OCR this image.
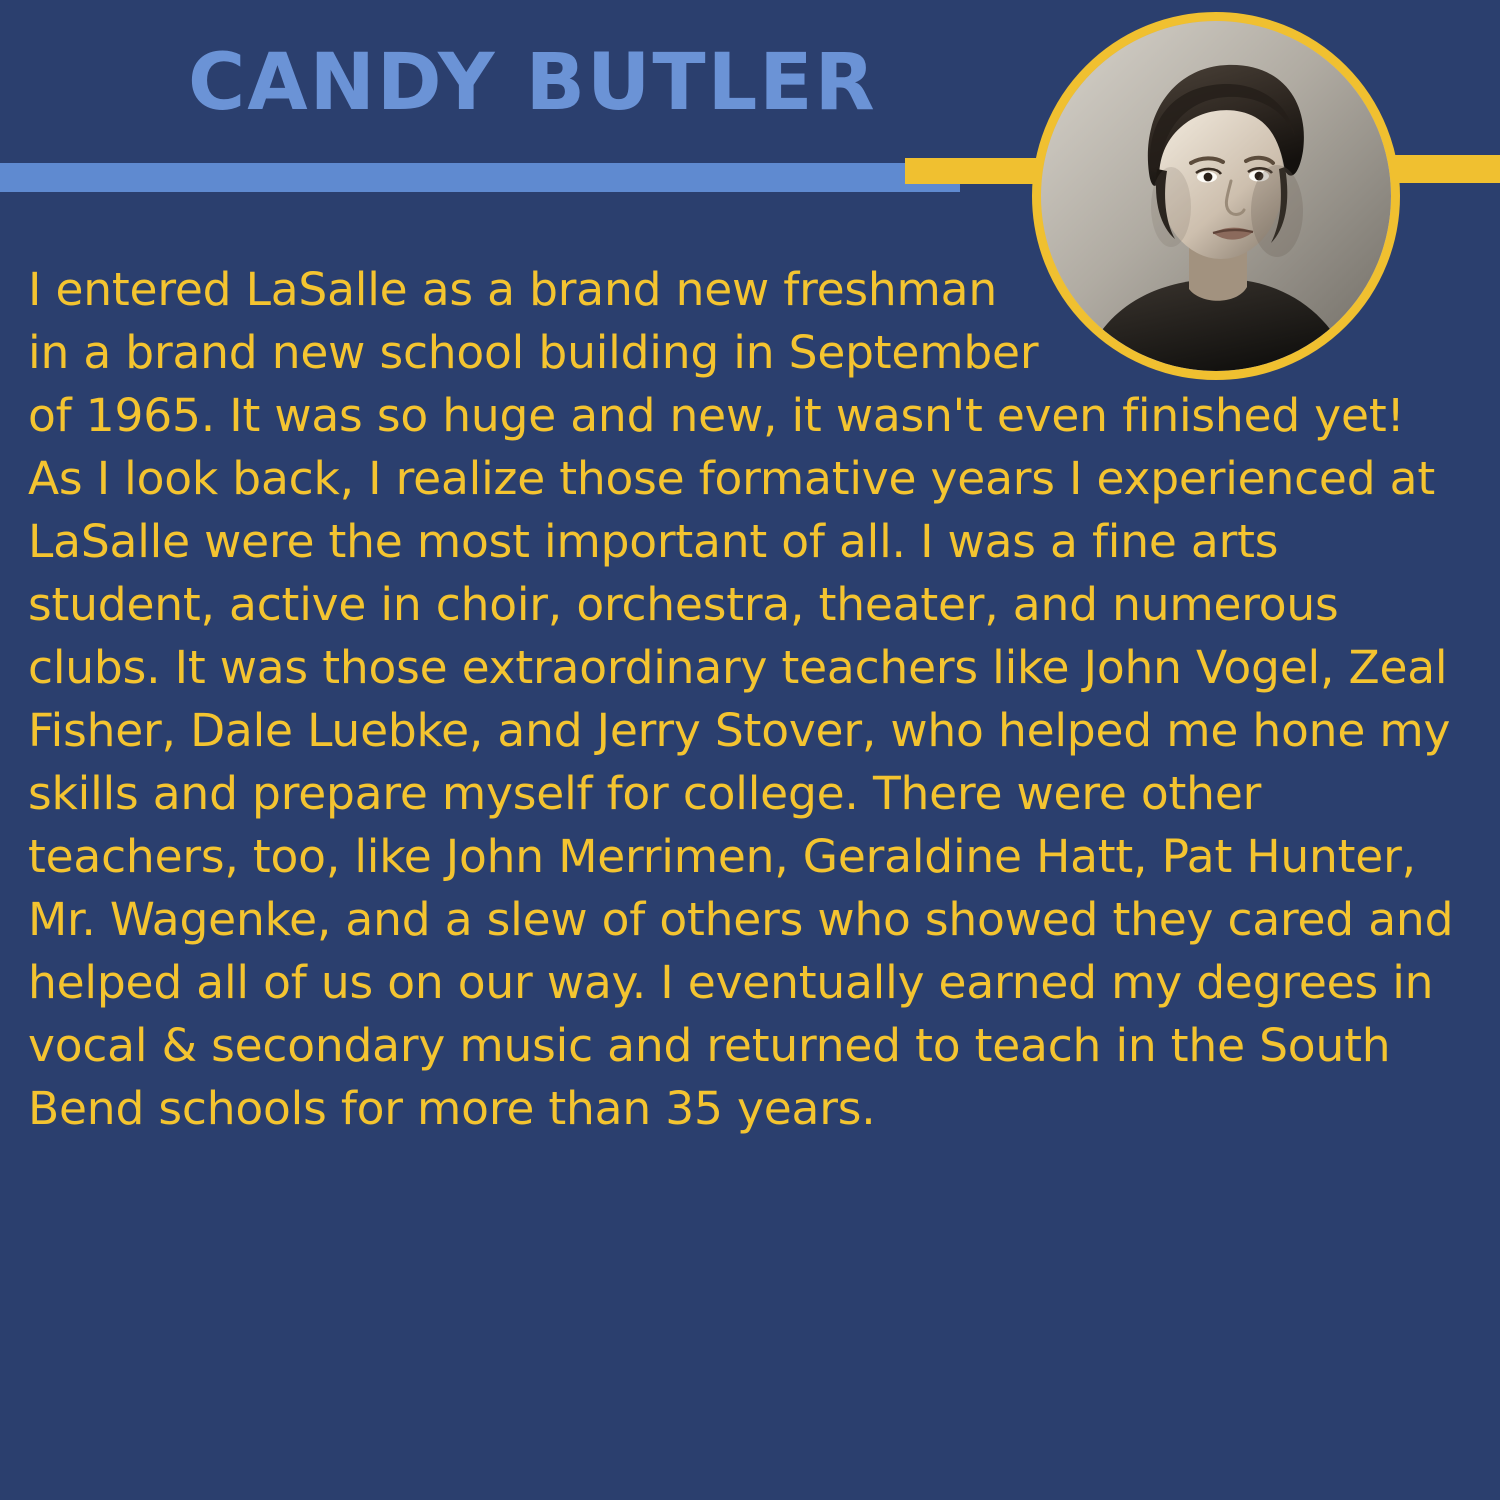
CANDY BUTLER
I entered LaSalle as a brand new freshman in a brand new school building in September of 1965. It was so huge and new, it wasn't even finished yet! As I look back, I realize those formative years I experienced at LaSalle were the most important of all. I was a fine arts student, active in choir, orchestra, theater, and numerous clubs. It was those extraordinary teachers like John Vogel, Zeal Fisher, Dale Luebke, and Jerry Stover, who helped me hone my skills and prepare myself for college. There were other teachers, too, like John Merrimen, Geraldine Hatt, Pat Hunter, Mr. Wagenke, and a slew of others who showed they cared and helped all of us on our way. I eventually earned my degrees in vocal & secondary music and returned to teach in the South Bend schools for more than 35 years.
